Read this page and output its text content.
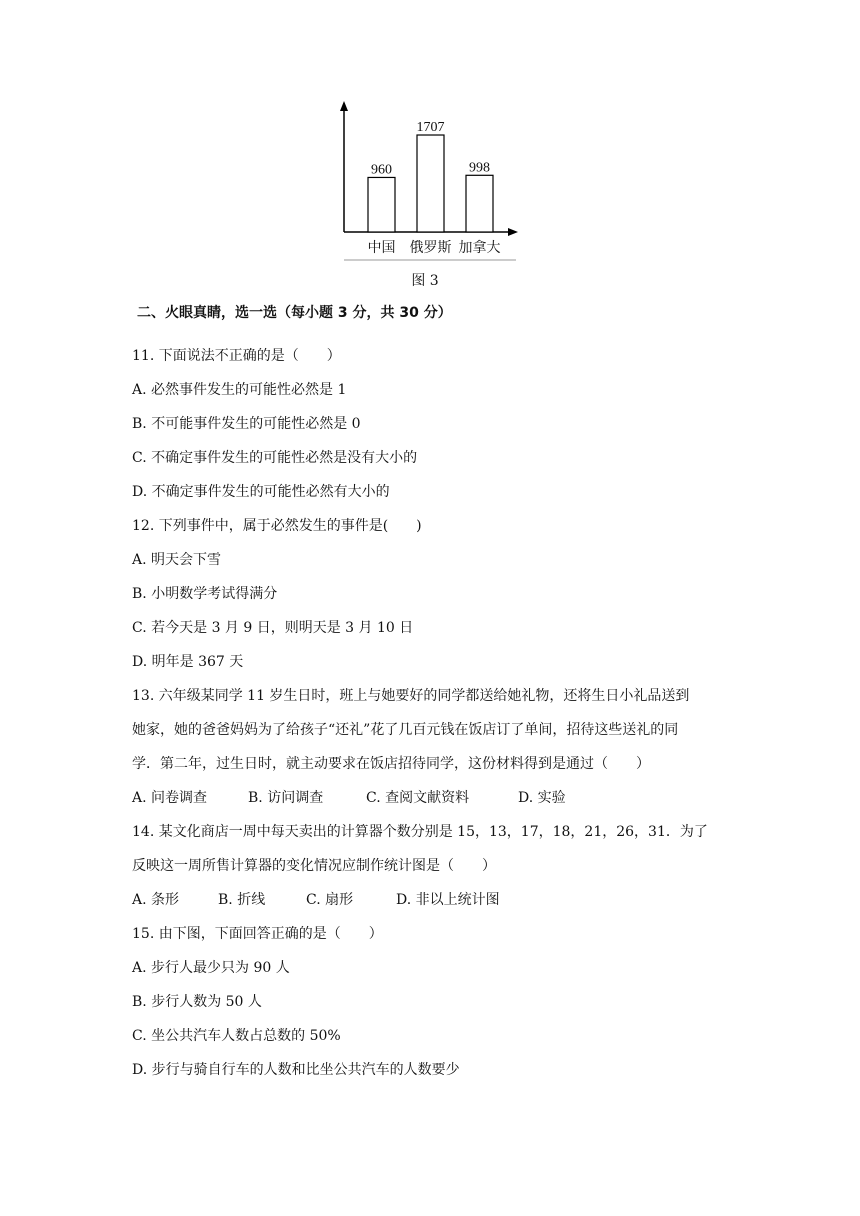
960
中国
1707
俄罗斯
998
加拿大
图 3
二、火眼真睛，选一选（每小题 3 分，共 30 分）
11. 下面说法不正确的是（　　）
A. 必然事件发生的可能性必然是 1
B. 不可能事件发生的可能性必然是 0
C. 不确定事件发生的可能性必然是没有大小的
D. 不确定事件发生的可能性必然有大小的
12. 下列事件中，属于必然发生的事件是(　　)
A. 明天会下雪
B. 小明数学考试得满分
C. 若今天是 3 月 9 日，则明天是 3 月 10 日
D. 明年是 367 天
13. 六年级某同学 11 岁生日时，班上与她要好的同学都送给她礼物，还将生日小礼品送到
她家，她的爸爸妈妈为了给孩子“还礼”花了几百元钱在饭店订了单间，招待这些送礼的同
学．第二年，过生日时，就主动要求在饭店招待同学，这份材料得到是通过（　　）
A. 问卷调查	B. 访问调查	C. 查阅文献资料	D. 实验
14. 某文化商店一周中每天卖出的计算器个数分别是 15，13，17，18，21，26，31．为了
反映这一周所售计算器的变化情况应制作统计图是（　　）
A. 条形	B. 折线	C. 扇形	D. 非以上统计图
15. 由下图，下面回答正确的是（　　）
A. 步行人最少只为 90 人
B. 步行人数为 50 人
C. 坐公共汽车人数占总数的 50%
D. 步行与骑自行车的人数和比坐公共汽车的人数要少
